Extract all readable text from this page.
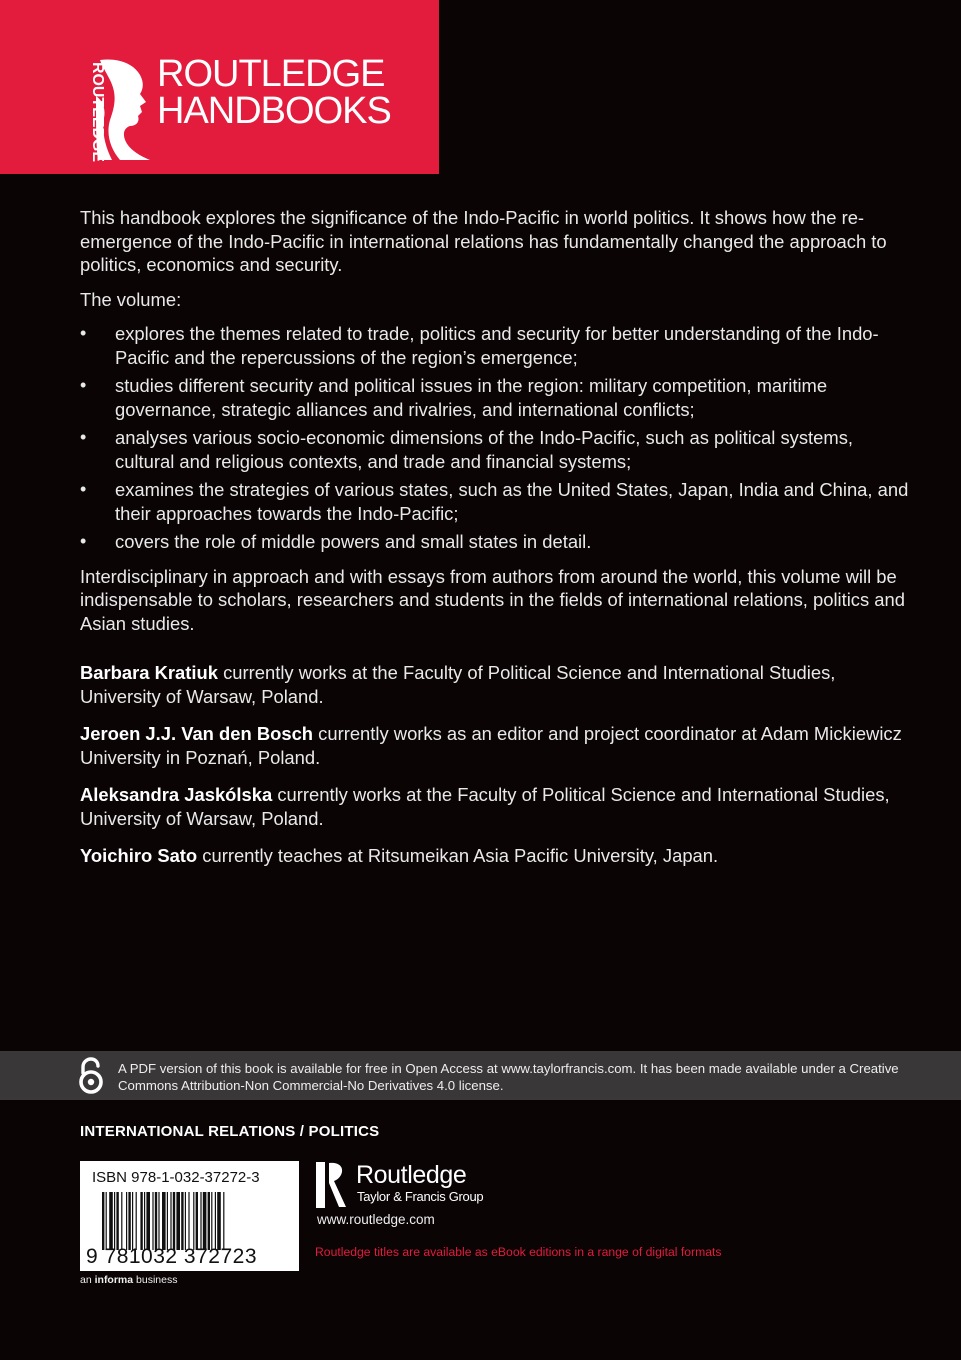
ROUTLEDGE
HANDBOOKS

This handbook explores the significance of the Indo-Pacific in world politics. It shows how the re-emergence of the Indo-Pacific in international relations has fundamentally changed the approach to politics, economics and security.

The volume:

• explores the themes related to trade, politics and security for better understanding of the Indo-Pacific and the repercussions of the region’s emergence;
• studies different security and political issues in the region: military competition, maritime governance, strategic alliances and rivalries, and international conflicts;
• analyses various socio-economic dimensions of the Indo-Pacific, such as political systems, cultural and religious contexts, and trade and financial systems;
• examines the strategies of various states, such as the United States, Japan, India and China, and their approaches towards the Indo-Pacific;
• covers the role of middle powers and small states in detail.

Interdisciplinary in approach and with essays from authors from around the world, this volume will be indispensable to scholars, researchers and students in the fields of international relations, politics and Asian studies.

Barbara Kratiuk currently works at the Faculty of Political Science and International Studies, University of Warsaw, Poland.

Jeroen J.J. Van den Bosch currently works as an editor and project coordinator at Adam Mickiewicz University in Poznań, Poland.

Aleksandra Jaskólska currently works at the Faculty of Political Science and International Studies, University of Warsaw, Poland.

Yoichiro Sato currently teaches at Ritsumeikan Asia Pacific University, Japan.

A PDF version of this book is available for free in Open Access at www.taylorfrancis.com. It has been made available under a Creative Commons Attribution-Non Commercial-No Derivatives 4.0 license.
INTERNATIONAL RELATIONS / POLITICS
ISBN 978-1-032-37272-3
9 781032 372723
an informa business
Routledge
Taylor & Francis Group
www.routledge.com
Routledge titles are available as eBook editions in a range of digital formats
